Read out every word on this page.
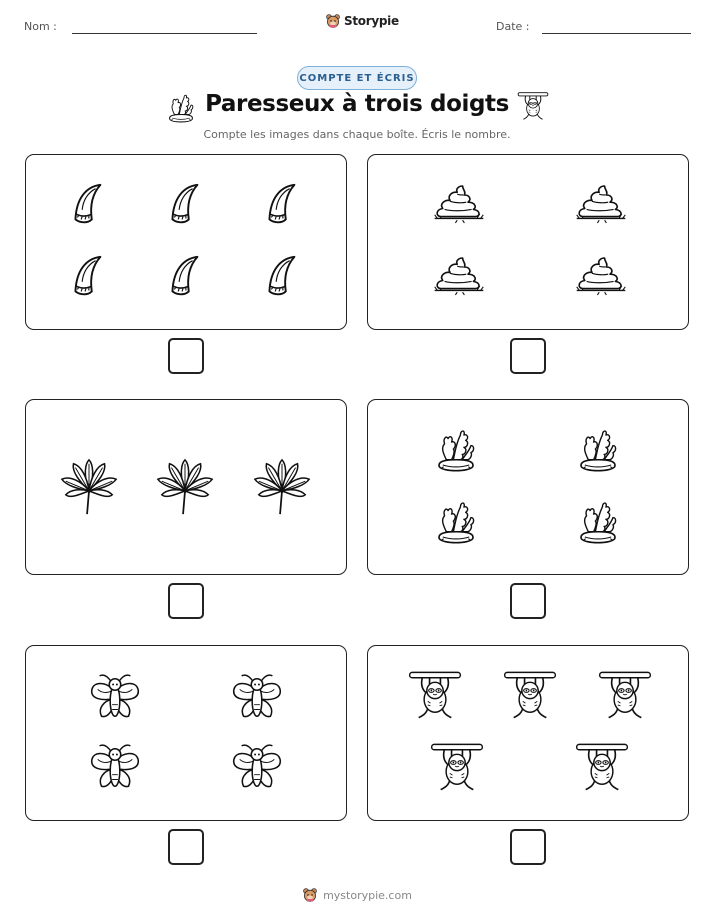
Nom :	Storypie	Date :
COMPTE ET ÉCRIS
Paresseux à trois doigts
Compte les images dans chaque boîte. Écris le nombre.
mystorypie.com
